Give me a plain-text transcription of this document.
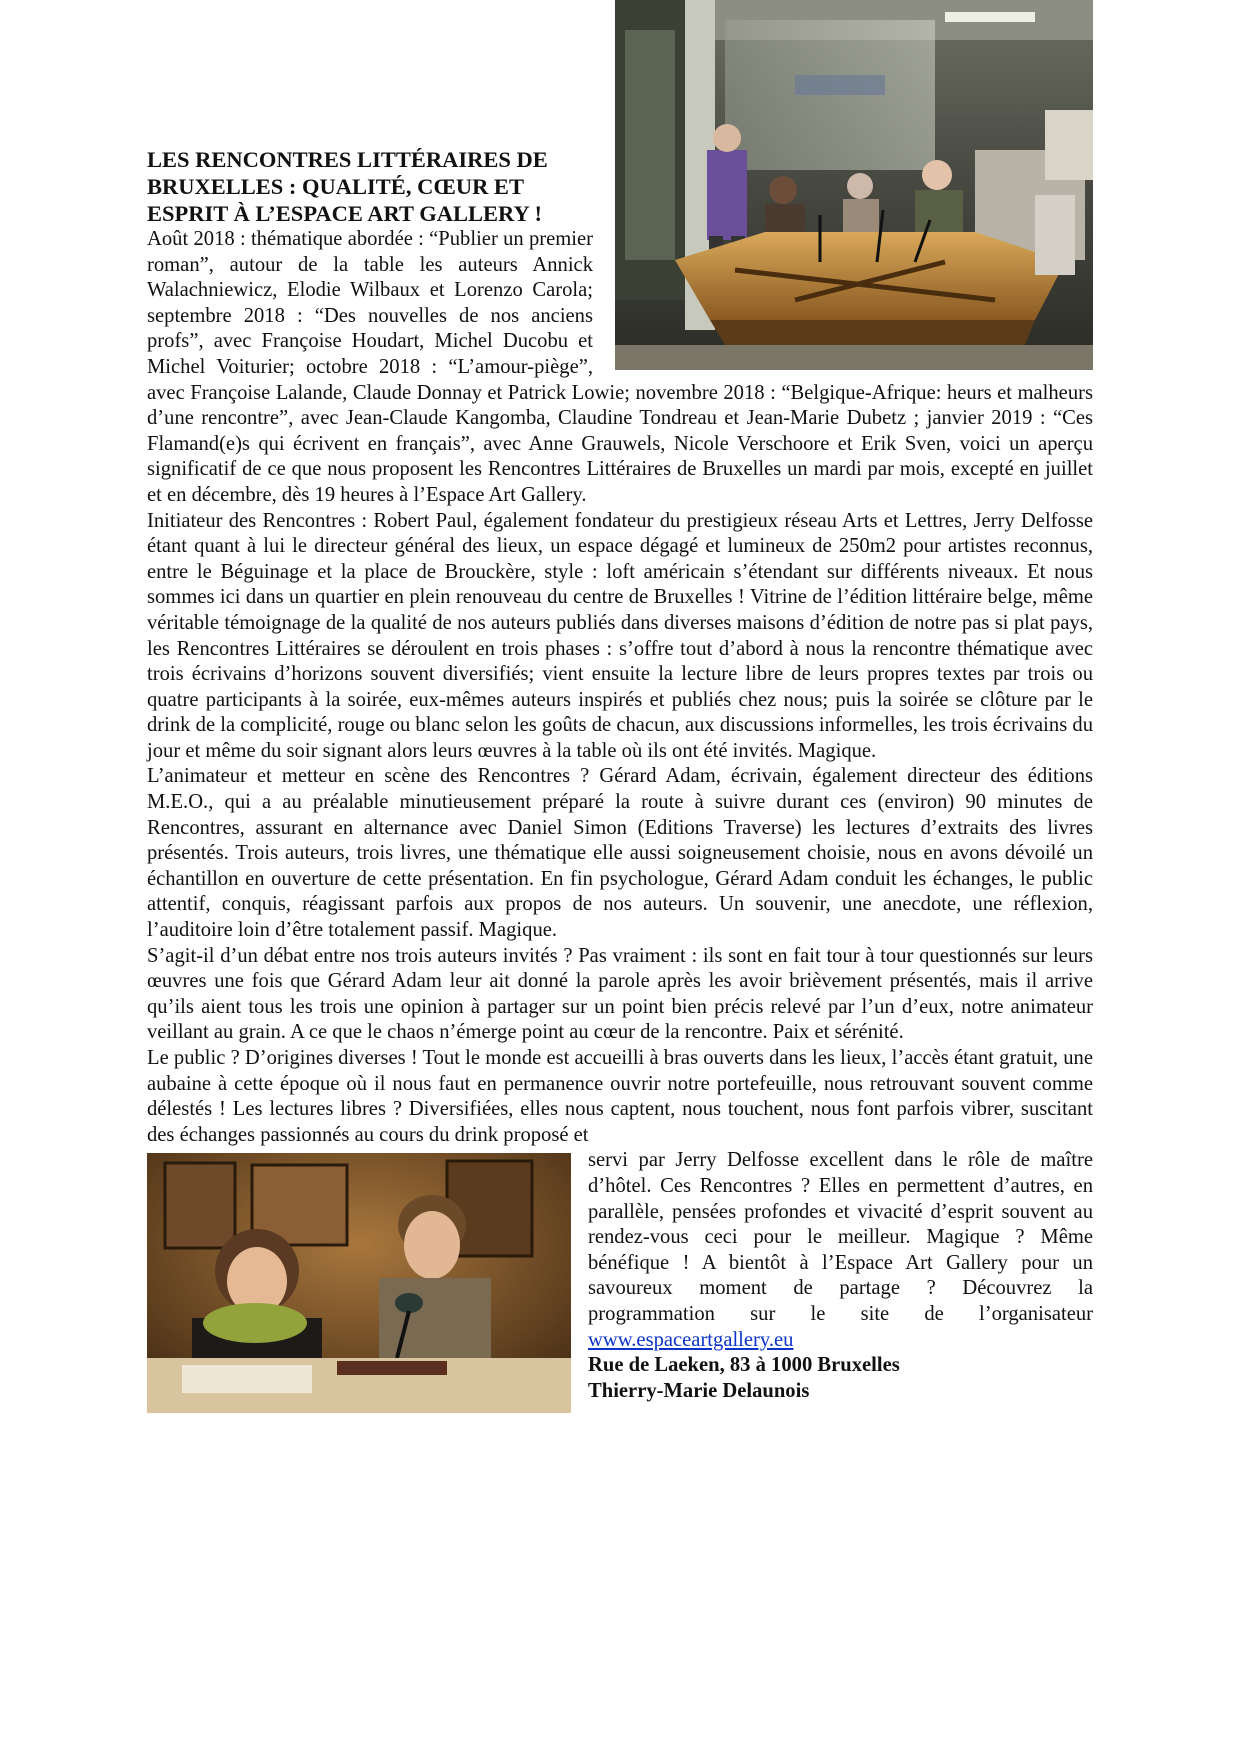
LES RENCONTRES LITTÉRAIRES DE BRUXELLES : QUALITÉ, CŒUR ET ESPRIT À L’ESPACE ART GALLERY !

Août 2018 : thématique abordée : “Publier un premier roman”, autour de la table les auteurs Annick Walachniewicz, Elodie Wilbaux et Lorenzo Carola; septembre 2018 : “Des nouvelles de nos anciens profs”, avec Françoise Houdart, Michel Ducobu et Michel Voiturier; octobre 2018 : “L’amour-piège”, avec Françoise Lalande, Claude Donnay et Patrick Lowie; novembre 2018 : “Belgique-Afrique: heurs et malheurs d’une rencontre”, avec Jean-Claude Kangomba, Claudine Tondreau et Jean-Marie Dubetz ; janvier 2019 : “Ces Flamand(e)s qui écrivent en français”, avec Anne Grauwels, Nicole Verschoore et Erik Sven, voici un aperçu significatif de ce que nous proposent les Rencontres Littéraires de Bruxelles un mardi par mois, excepté en juillet et en décembre, dès 19 heures à l’Espace Art Gallery.

Initiateur des Rencontres : Robert Paul, également fondateur du prestigieux réseau Arts et Lettres, Jerry Delfosse étant quant à lui le directeur général des lieux, un espace dégagé et lumineux de 250m2 pour artistes reconnus, entre le Béguinage et la place de Brouckère, style : loft américain s’étendant sur différents niveaux. Et nous sommes ici dans un quartier en plein renouveau du centre de Bruxelles ! Vitrine de l’édition littéraire belge, même véritable témoignage de la qualité de nos auteurs publiés dans diverses maisons d’édition de notre pas si plat pays, les Rencontres Littéraires se déroulent en trois phases : s’offre tout d’abord à nous la rencontre thématique avec trois écrivains d’horizons souvent diversifiés; vient ensuite la lecture libre de leurs propres textes par trois ou quatre participants à la soirée, eux-mêmes auteurs inspirés et publiés chez nous; puis la soirée se clôture par le drink de la complicité, rouge ou blanc selon les goûts de chacun, aux discussions informelles, les trois écrivains du jour et même du soir signant alors leurs œuvres à la table où ils ont été invités. Magique.

L’animateur et metteur en scène des Rencontres ? Gérard Adam, écrivain, également directeur des éditions M.E.O., qui a au préalable minutieusement préparé la route à suivre durant ces (environ) 90 minutes de Rencontres, assurant en alternance avec Daniel Simon (Editions Traverse) les lectures d’extraits des livres présentés. Trois auteurs, trois livres, une thématique elle aussi soigneusement choisie, nous en avons dévoilé un échantillon en ouverture de cette présentation. En fin psychologue, Gérard Adam conduit les échanges, le public attentif, conquis, réagissant parfois aux propos de nos auteurs. Un souvenir, une anecdote, une réflexion, l’auditoire loin d’être totalement passif. Magique.

S’agit-il d’un débat entre nos trois auteurs invités ? Pas vraiment : ils sont en fait tour à tour questionnés sur leurs œuvres une fois que Gérard Adam leur ait donné la parole après les avoir brièvement présentés, mais il arrive qu’ils aient tous les trois une opinion à partager sur un point bien précis relevé par l’un d’eux, notre animateur veillant au grain. A ce que le chaos n’émerge point au cœur de la rencontre. Paix et sérénité.

Le public ? D’origines diverses ! Tout le monde est accueilli à bras ouverts dans les lieux, l’accès étant gratuit, une aubaine à cette époque où il nous faut en permanence ouvrir notre portefeuille, nous retrouvant souvent comme délestés ! Les lectures libres ? Diversifiées, elles nous captent, nous touchent, nous font parfois vibrer, suscitant des échanges passionnés au cours du drink proposé et

servi par Jerry Delfosse excellent dans le rôle de maître d’hôtel. Ces Rencontres ? Elles en permettent d’autres, en parallèle, pensées profondes et vivacité d’esprit souvent au rendez-vous ceci pour le meilleur. Magique ? Même bénéfique ! A bientôt à l’Espace Art Gallery pour un savoureux moment de partage ? Découvrez la programmation sur le site de l’organisateur www.espaceartgallery.eu

Rue de Laeken, 83 à 1000 Bruxelles

Thierry-Marie Delaunois
